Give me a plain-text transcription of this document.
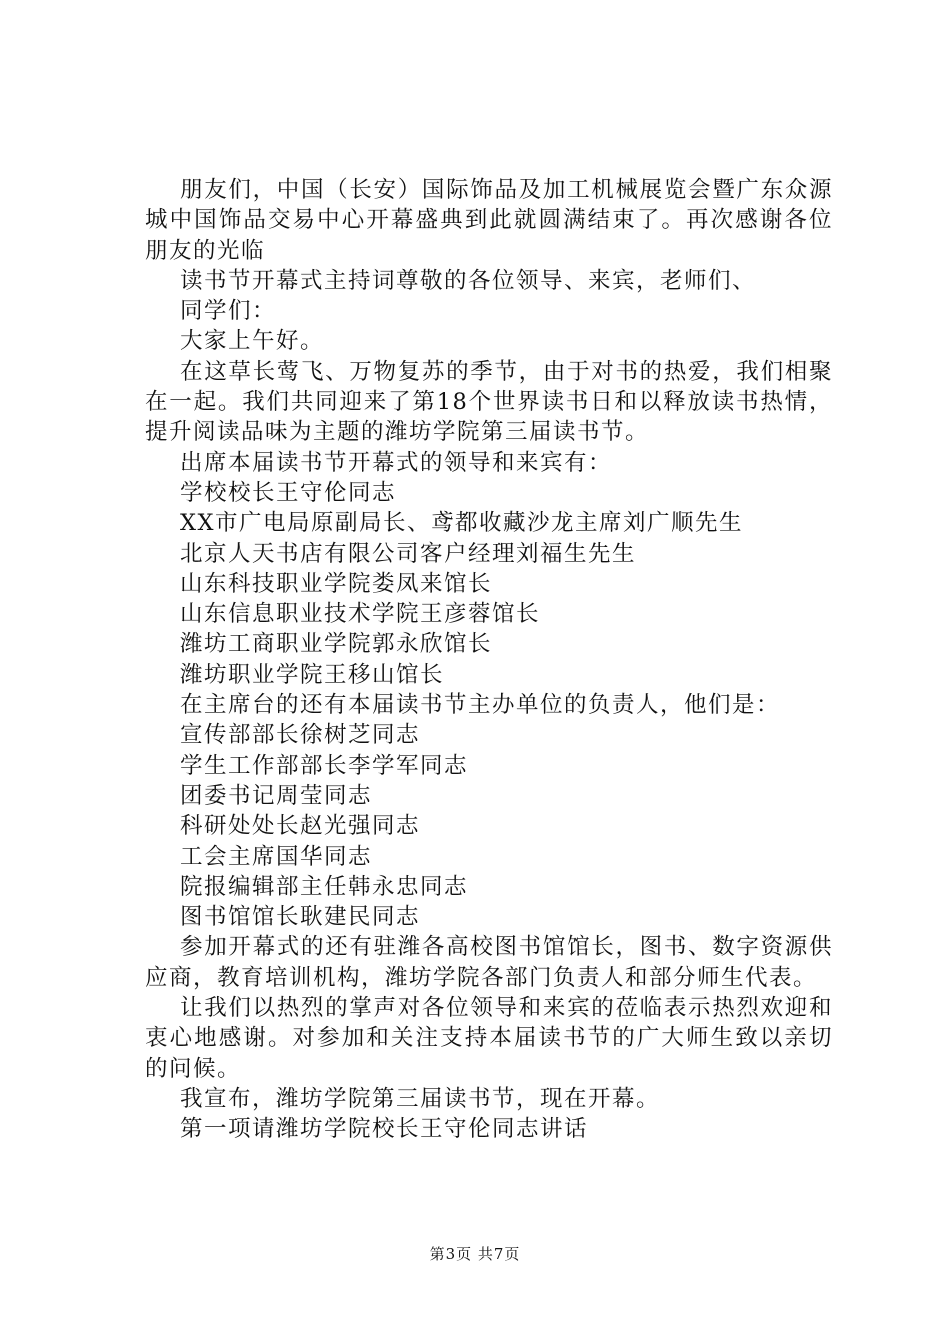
朋友们，中国（长安）国际饰品及加工机械展览会暨广东众源城中国饰品交易中心开幕盛典到此就圆满结束了。再次感谢各位朋友的光临

读书节开幕式主持词尊敬的各位领导、来宾，老师们、

同学们：

大家上午好。

在这草长莺飞、万物复苏的季节，由于对书的热爱，我们相聚在一起。我们共同迎来了第18个世界读书日和以释放读书热情，提升阅读品味为主题的潍坊学院第三届读书节。

出席本届读书节开幕式的领导和来宾有：

学校校长王守伦同志

XX市广电局原副局长、鸢都收藏沙龙主席刘广顺先生

北京人天书店有限公司客户经理刘福生先生

山东科技职业学院娄凤来馆长

山东信息职业技术学院王彦蓉馆长

潍坊工商职业学院郭永欣馆长

潍坊职业学院王移山馆长

在主席台的还有本届读书节主办单位的负责人，他们是：

宣传部部长徐树芝同志

学生工作部部长李学军同志

团委书记周莹同志

科研处处长赵光强同志

工会主席国华同志

院报编辑部主任韩永忠同志

图书馆馆长耿建民同志

参加开幕式的还有驻潍各高校图书馆馆长，图书、数字资源供应商，教育培训机构，潍坊学院各部门负责人和部分师生代表。

让我们以热烈的掌声对各位领导和来宾的莅临表示热烈欢迎和衷心地感谢。对参加和关注支持本届读书节的广大师生致以亲切的问候。

我宣布，潍坊学院第三届读书节，现在开幕。

第一项请潍坊学院校长王守伦同志讲话

第3页 共7页
